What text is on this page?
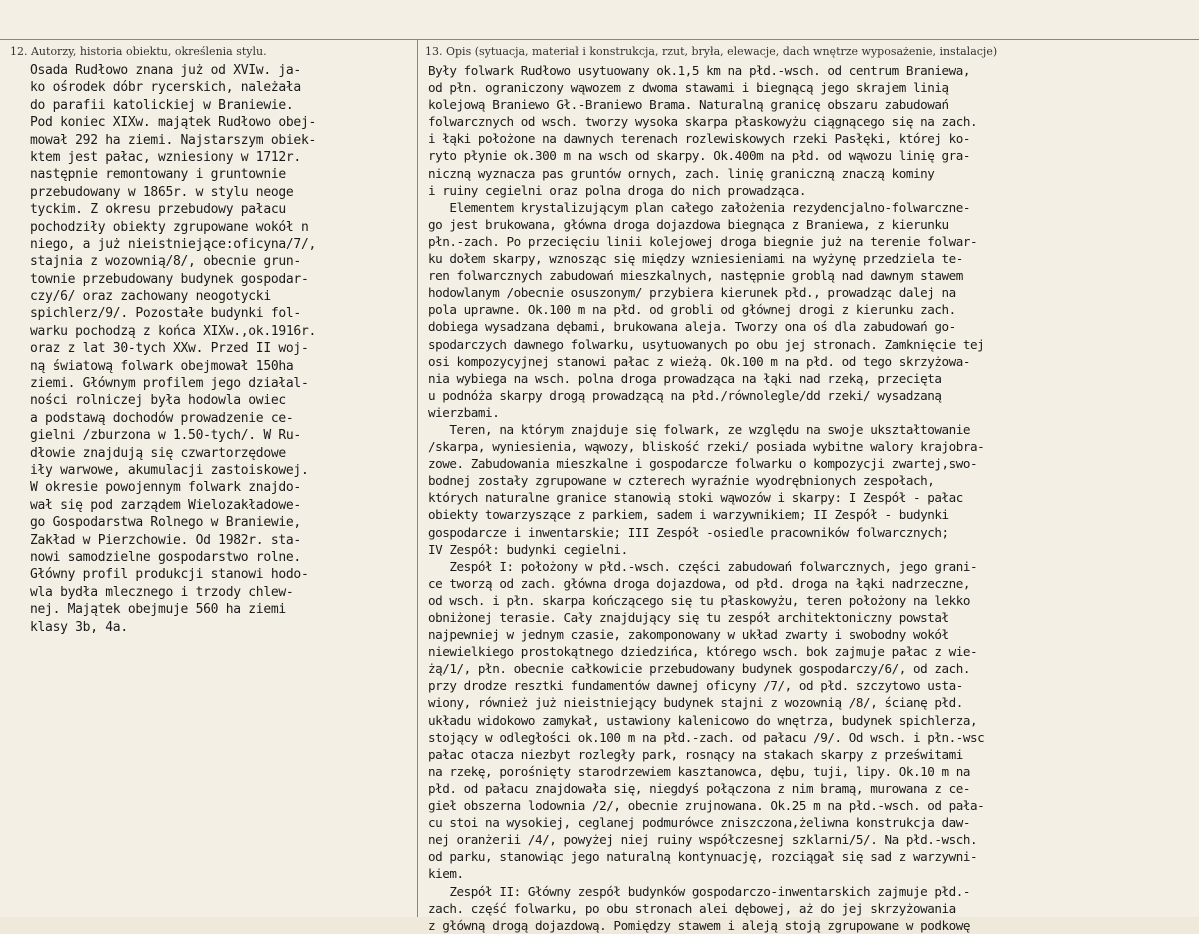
12. Autorzy, historia obiektu, określenia stylu.	13. Opis (sytuacja, materiał i konstrukcja, rzut, bryła, elewacje, dach wnętrze wyposażenie, instalacje)
Osada Rudłowo znana już od XVIw. ja-
ko ośrodek dóbr rycerskich, należała
do parafii katolickiej w Braniewie.
Pod koniec XIXw. majątek Rudłowo obej-
mował 292 ha ziemi. Najstarszym obiek-
ktem jest pałac, wzniesiony w 1712r.
następnie remontowany i gruntownie
przebudowany w 1865r. w stylu neoge
tyckim. Z okresu przebudowy pałacu
pochodziły obiekty zgrupowane wokół n
niego, a już nieistniejące:oficyna/7/,
stajnia z wozownią/8/, obecnie grun-
townie przebudowany budynek gospodar-
czy/6/ oraz zachowany neogotycki
spichlerz/9/. Pozostałe budynki fol-
warku pochodzą z końca XIXw.,ok.1916r.
oraz z lat 30-tych XXw. Przed II woj-
ną światową folwark obejmował 150ha
ziemi. Głównym profilem jego działal-
ności rolniczej była hodowla owiec
a podstawą dochodów prowadzenie ce-
gielni /zburzona w 1.50-tych/. W Ru-
dłowie znajdują się czwartorzędowe
iły warwowe, akumulacji zastoiskowej.
W okresie powojennym folwark znajdo-
wał się pod zarządem Wielozakładowe-
go Gospodarstwa Rolnego w Braniewie,
Zakład w Pierzchowie. Od 1982r. sta-
nowi samodzielne gospodarstwo rolne.
Główny profil produkcji stanowi hodo-
wla bydła mlecznego i trzody chlew-
nej. Majątek obejmuje 560 ha ziemi
klasy 3b, 4a.
Były folwark Rudłowo usytuowany ok.1,5 km na płd.-wsch. od centrum Braniewa,
od płn. ograniczony wąwozem z dwoma stawami i biegnącą jego skrajem linią
kolejową Braniewo Gł.-Braniewo Brama. Naturalną granicę obszaru zabudowań
folwarcznych od wsch. tworzy wysoka skarpa płaskowyżu ciągnącego się na zach.
i łąki położone na dawnych terenach rozlewiskowych rzeki Pasłęki, której ko-
ryto płynie ok.300 m na wsch od skarpy. Ok.400m na płd. od wąwozu linię gra-
niczną wyznacza pas gruntów ornych, zach. linię graniczną znaczą kominy
i ruiny cegielni oraz polna droga do nich prowadząca.
Elementem krystalizującym plan całego założenia rezydencjalno-folwarczne-
go jest brukowana, główna droga dojazdowa biegnąca z Braniewa, z kierunku
płn.-zach. Po przecięciu linii kolejowej droga biegnie już na terenie folwar-
ku dołem skarpy, wznosząc się między wzniesieniami na wyżynę przedziela te-
ren folwarcznych zabudowań mieszkalnych, następnie groblą nad dawnym stawem
hodowlanym /obecnie osuszonym/ przybiera kierunek płd., prowadząc dalej na
pola uprawne. Ok.100 m na płd. od grobli od głównej drogi z kierunku zach.
dobiega wysadzana dębami, brukowana aleja. Tworzy ona oś dla zabudowań go-
spodarczych dawnego folwarku, usytuowanych po obu jej stronach. Zamknięcie tej
osi kompozycyjnej stanowi pałac z wieżą. Ok.100 m na płd. od tego skrzyżowa-
nia wybiega na wsch. polna droga prowadząca na łąki nad rzeką, przecięta
u podnóża skarpy drogą prowadzącą na płd./równolegle/dd rzeki/ wysadzaną
wierzbami.
Teren, na którym znajduje się folwark, ze względu na swoje ukształtowanie
/skarpa, wyniesienia, wąwozy, bliskość rzeki/ posiada wybitne walory krajobra-
zowe. Zabudowania mieszkalne i gospodarcze folwarku o kompozycji zwartej,swo-
bodnej zostały zgrupowane w czterech wyraźnie wyodrębnionych zespołach,
których naturalne granice stanowią stoki wąwozów i skarpy: I Zespół - pałac
obiekty towarzyszące z parkiem, sadem i warzywnikiem; II Zespół - budynki
gospodarcze i inwentarskie; III Zespół -osiedle pracowników folwarcznych;
IV Zespół: budynki cegielni.
Zespół I: położony w płd.-wsch. części zabudowań folwarcznych, jego grani-
ce tworzą od zach. główna droga dojazdowa, od płd. droga na łąki nadrzeczne,
od wsch. i płn. skarpa kończącego się tu płaskowyżu, teren położony na lekko
obniżonej terasie. Cały znajdujący się tu zespół architektoniczny powstał
najpewniej w jednym czasie, zakomponowany w układ zwarty i swobodny wokół
niewielkiego prostokątnego dziedzińca, którego wsch. bok zajmuje pałac z wie-
żą/1/, płn. obecnie całkowicie przebudowany budynek gospodarczy/6/, od zach.
przy drodze resztki fundamentów dawnej oficyny /7/, od płd. szczytowo usta-
wiony, również już nieistniejący budynek stajni z wozownią /8/, ścianę płd.
układu widokowo zamykał, ustawiony kalenicowo do wnętrza, budynek spichlerza,
stojący w odległości ok.100 m na płd.-zach. od pałacu /9/. Od wsch. i płn.-wsc
pałac otacza niezbyt rozległy park, rosnący na stakach skarpy z prześwitami
na rzekę, porośnięty starodrzewiem kasztanowca, dębu, tuji, lipy. Ok.10 m na
płd. od pałacu znajdowała się, niegdyś połączona z nim bramą, murowana z ce-
gieł obszerna lodownia /2/, obecnie zrujnowana. Ok.25 m na płd.-wsch. od pała-
cu stoi na wysokiej, ceglanej podmurówce zniszczona,żeliwna konstrukcja daw-
nej oranżerii /4/, powyżej niej ruiny współczesnej szklarni/5/. Na płd.-wsch.
od parku, stanowiąc jego naturalną kontynuację, rozciągał się sad z warzywni-
kiem.
Zespół II: Główny zespół budynków gospodarczo-inwentarskich zajmuje płd.-
zach. część folwarku, po obu stronach alei dębowej, aż do jej skrzyżowania
z główną drogą dojazdową. Pomiędzy stawem i aleją stoją zgrupowane w podkowę
